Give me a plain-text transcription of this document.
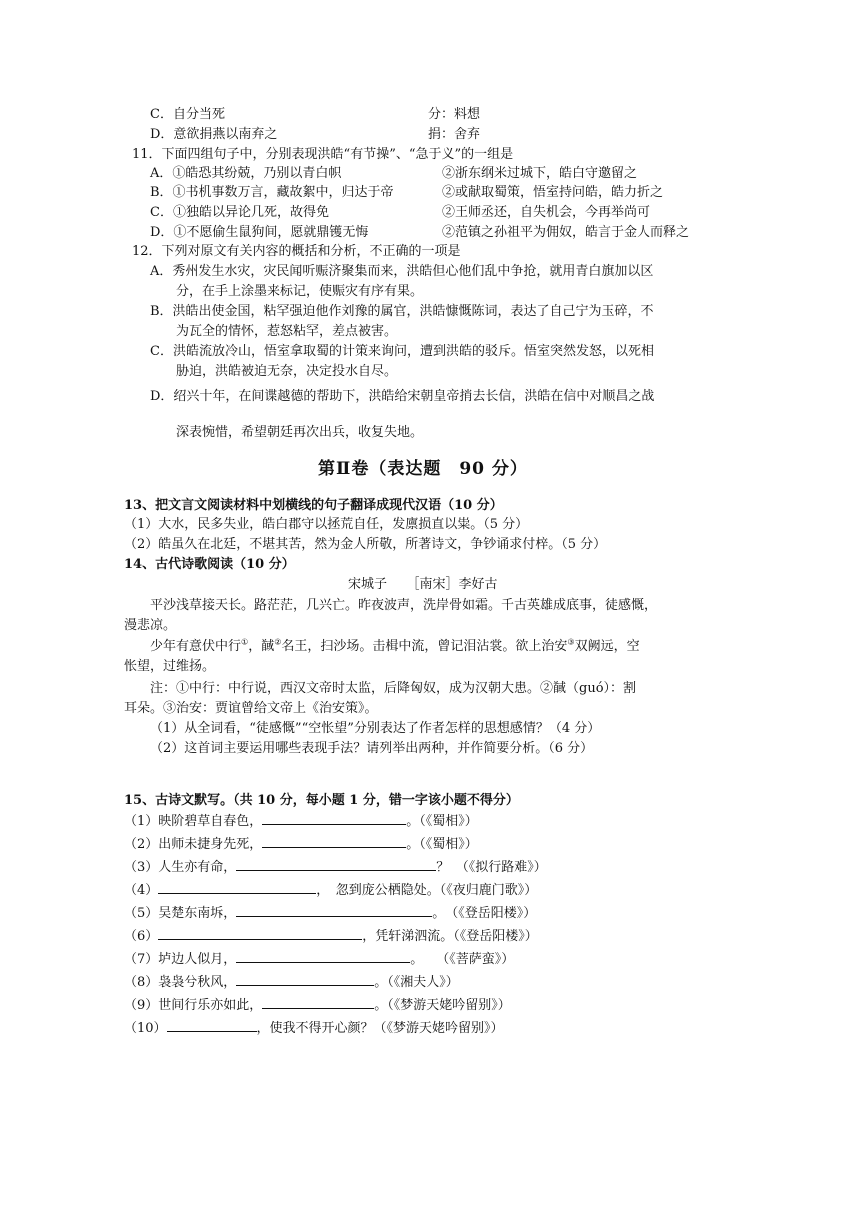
C．自分当死	分：料想
D．意欲捐燕以南弃之	捐：舍弃
11．下面四组句子中，分别表现洪皓“有节操”、“急于义”的一组是
A．①皓恐其纷兢，乃别以青白帜	②浙东纲米过城下，皓白守邀留之
B．①书机事数万言，藏故絮中，归达于帝	②或献取蜀策，悟室持问皓，皓力折之
C．①独皓以异论几死，故得免	②王师丞还，自失机会，今再举尚可
D．①不愿偷生鼠狗间，愿就鼎镬无悔	②范镇之孙祖平为佣奴，皓言于金人而释之
12．下列对原文有关内容的概括和分析，不正确的一项是
A．秀州发生水灾，灾民闻听赈济聚集而来，洪皓但心他们乱中争抢，就用青白旗加以区
分，在手上涂墨来标记，使赈灾有序有果。
B．洪皓出使金国，粘罕强迫他作刘豫的属官，洪皓慷慨陈词，表达了自己宁为玉碎，不
为瓦全的情怀，惹怒粘罕，差点被害。
C．洪皓流放冷山，悟室拿取蜀的计策来询问，遭到洪皓的驳斥。悟室突然发怒，以死相
胁迫，洪皓被迫无奈，决定投水自尽。
D．绍兴十年，在间谍越德的帮助下，洪皓给宋朝皇帝捎去长信，洪皓在信中对顺昌之战
深表惋惜，希望朝廷再次出兵，收复失地。
第Ⅱ卷（表达题　90 分）
13、把文言文阅读材料中划横线的句子翻译成现代汉语（10 分）
（1）大水，民多失业，皓白郡守以拯荒自任，发廪损直以粜。（5 分）
（2）皓虽久在北廷，不堪其苦，然为金人所敬，所著诗文，争钞诵求付梓。（5 分）
14、古代诗歌阅读（10 分）
宋城子　　［南宋］李好古
平沙浅草接天长。路茫茫，几兴亡。昨夜波声，洗岸骨如霜。千古英雄成底事，徒感慨，
漫悲凉。
少年有意伏中行①，馘②名王，扫沙场。击楫中流，曾记泪沾裳。欲上治安③双阙远，空
怅望，过维扬。
注：①中行：中行说，西汉文帝时太监，后降匈奴，成为汉朝大患。②馘（guó）：割
耳朵。③治安：贾谊曾给文帝上《治安策》。
（1）从全词看，“徒感慨”“空怅望”分别表达了作者怎样的思想感情？（4 分）
（2）这首词主要运用哪些表现手法？请列举出两种，并作简要分析。（6 分）
15、古诗文默写。（共 10 分，每小题 1 分，错一字该小题不得分）
（1）映阶碧草自春色，	。（《蜀相》）
（2）出师未捷身先死，	。（《蜀相》）
（3）人生亦有命，	？　（《拟行路难》）
（4）	，　忽到庞公栖隐处。（《夜归鹿门歌》）
（5）吴楚东南坼，	。　（《登岳阳楼》）
（6）	，凭轩涕泗流。（《登岳阳楼》）
（7）垆边人似月，	。　　（《菩萨蛮》）
（8）袅袅兮秋风，	。（《湘夫人》）
（9）世间行乐亦如此，	。（《梦游天姥吟留别》）
（10）	，使我不得开心颜？（《梦游天姥吟留别》）
